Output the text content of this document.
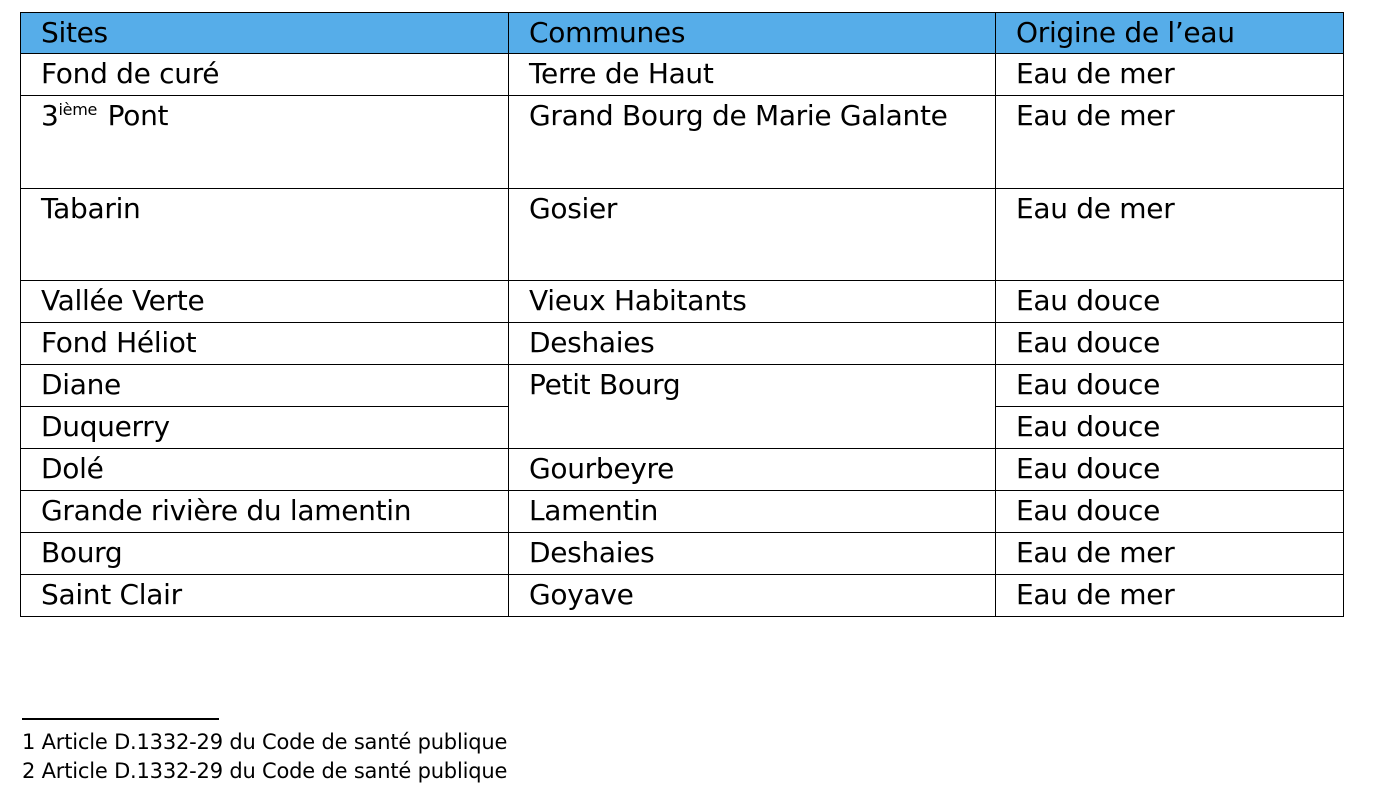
Sites	Communes	Origine de l’eau
Fond de curé	Terre de Haut	Eau de mer
3ième Pont	Grand Bourg de Marie Galante	Eau de mer
Tabarin	Gosier	Eau de mer
Vallée Verte	Vieux Habitants	Eau douce
Fond Héliot	Deshaies	Eau douce
Diane	Petit Bourg	Eau douce
Duquerry		Eau douce
Dolé	Gourbeyre	Eau douce
Grande rivière du lamentin	Lamentin	Eau douce
Bourg	Deshaies	Eau de mer
Saint Clair	Goyave	Eau de mer
1 Article D.1332-29 du Code de santé publique
2 Article D.1332-29 du Code de santé publique
